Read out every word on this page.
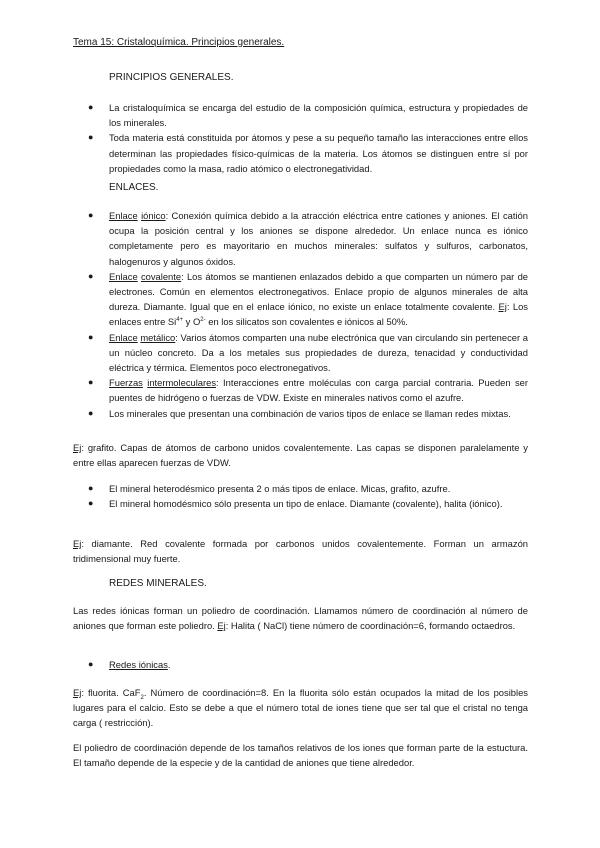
Tema 15: Cristaloquímica. Principios generales.
PRINCIPIOS GENERALES.
● La cristaloquímica se encarga del estudio de la composición química, estructura y propiedades de los minerales.
● Toda materia está constituida por átomos y pese a su pequeño tamaño las interacciones entre ellos determinan las propiedades físico-químicas de la materia. Los átomos se distinguen entre sí por propiedades como la masa, radio atómico o electronegatividad.
ENLACES.
● Enlace iónico: Conexión química debido a la atracción eléctrica entre cationes y aniones. El catión ocupa la posición central y los aniones se dispone alrededor. Un enlace nunca es iónico completamente pero es mayoritario en muchos minerales: sulfatos y sulfuros, carbonatos, halogenuros y algunos óxidos.
● Enlace covalente: Los átomos se mantienen enlazados debido a que comparten un número par de electrones. Común en elementos electronegativos. Enlace propio de algunos minerales de alta dureza. Diamante. Igual que en el enlace iónico, no existe un enlace totalmente covalente. Ej: Los enlaces entre $Si^{4+}$ y $O^{2-}$ en los silicatos son covalentes e iónicos al 50%.
● Enlace metálico: Varios átomos comparten una nube electrónica que van circulando sin pertenecer a un núcleo concreto. Da a los metales sus propiedades de dureza, tenacidad y conductividad eléctrica y térmica. Elementos poco electronegativos.
● Fuerzas intermoleculares: Interacciones entre moléculas con carga parcial contraria. Pueden ser puentes de hidrógeno o fuerzas de VDW. Existe en minerales nativos como el azufre.
● Los minerales que presentan una combinación de varios tipos de enlace se llaman redes mixtas.
Ej: grafito. Capas de átomos de carbono unidos covalentemente. Las capas se disponen paralelamente y entre ellas aparecen fuerzas de VDW.
● El mineral heterodésmico presenta 2 o más tipos de enlace. Micas, grafito, azufre.
● El mineral homodésmico sólo presenta un tipo de enlace. Diamante (covalente), halita (iónico).
Ej: diamante. Red covalente formada por carbonos unidos covalentemente. Forman un armazón tridimensional muy fuerte.
REDES MINERALES.
Las redes iónicas forman un poliedro de coordinación. Llamamos número de coordinación al número de aniones que forman este poliedro. Ej: Halita ( NaCl) tiene número de coordinación=6, formando octaedros.
● Redes iónicas.
Ej: fluorita. CaF$_2$. Número de coordinación=8. En la fluorita sólo están ocupados la mitad de los posibles lugares para el calcio. Esto se debe a que el número total de iones tiene que ser tal que el cristal no tenga carga ( restricción).
El poliedro de coordinación depende de los tamaños relativos de los iones que forman parte de la estuctura. El tamaño depende de la especie y de la cantidad de aniones que tiene alrededor.
